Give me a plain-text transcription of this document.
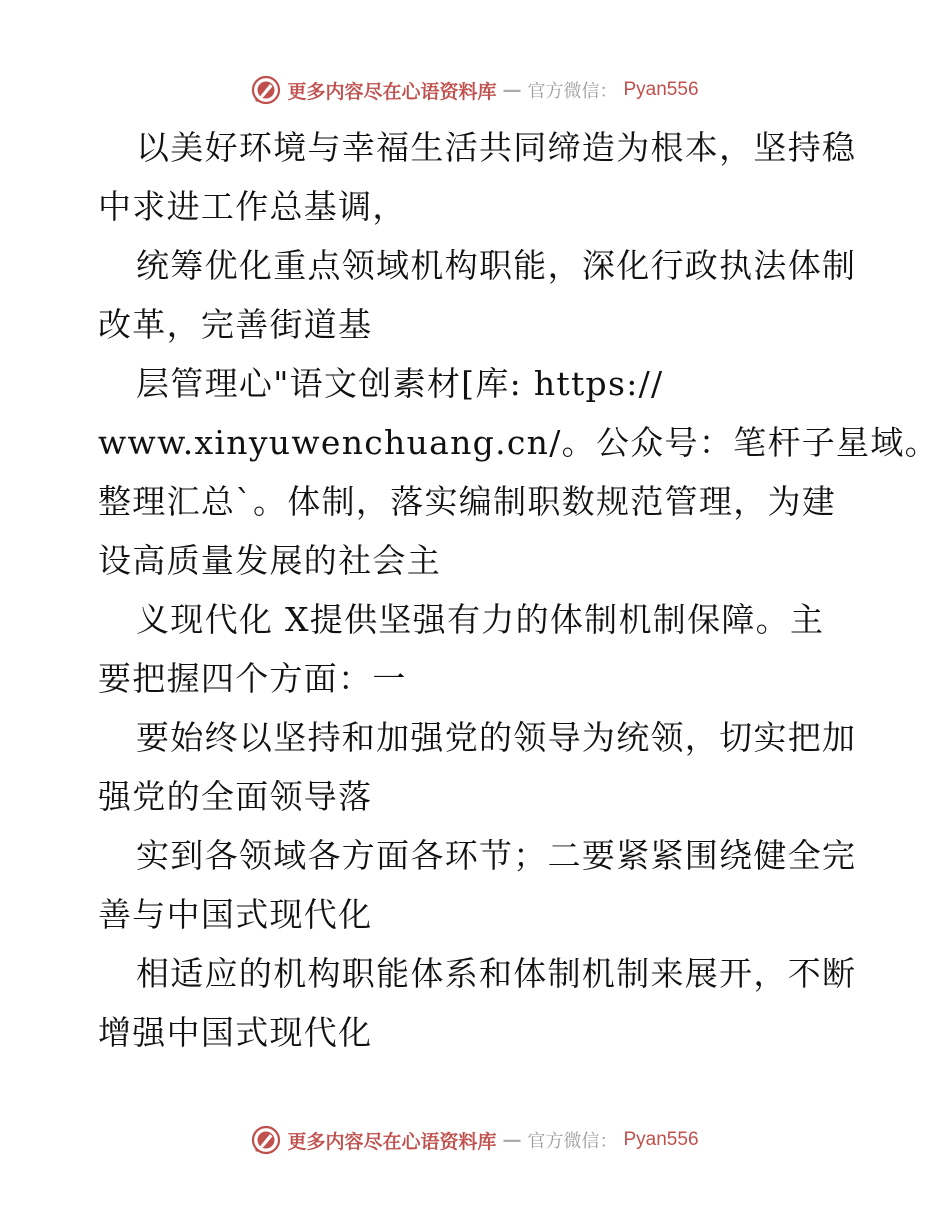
更多内容尽在心语资料库 — 官方微信： Pyan556
以美好环境与幸福生活共同缔造为根本，坚持稳
中求进工作总基调，
统筹优化重点领域机构职能，深化行政执法体制
改革，完善街道基
层管理心"语文创素材[库: https://
www.xinyuwenchuang.cn/。公众号：笔杆子星域。
整理汇总`。体制，落实编制职数规范管理，为建
设高质量发展的社会主
义现代化 X提供坚强有力的体制机制保障。主
要把握四个方面：一
要始终以坚持和加强党的领导为统领，切实把加
强党的全面领导落
实到各领域各方面各环节；二要紧紧围绕健全完
善与中国式现代化
相适应的机构职能体系和体制机制来展开，不断
增强中国式现代化
更多内容尽在心语资料库 — 官方微信： Pyan556
